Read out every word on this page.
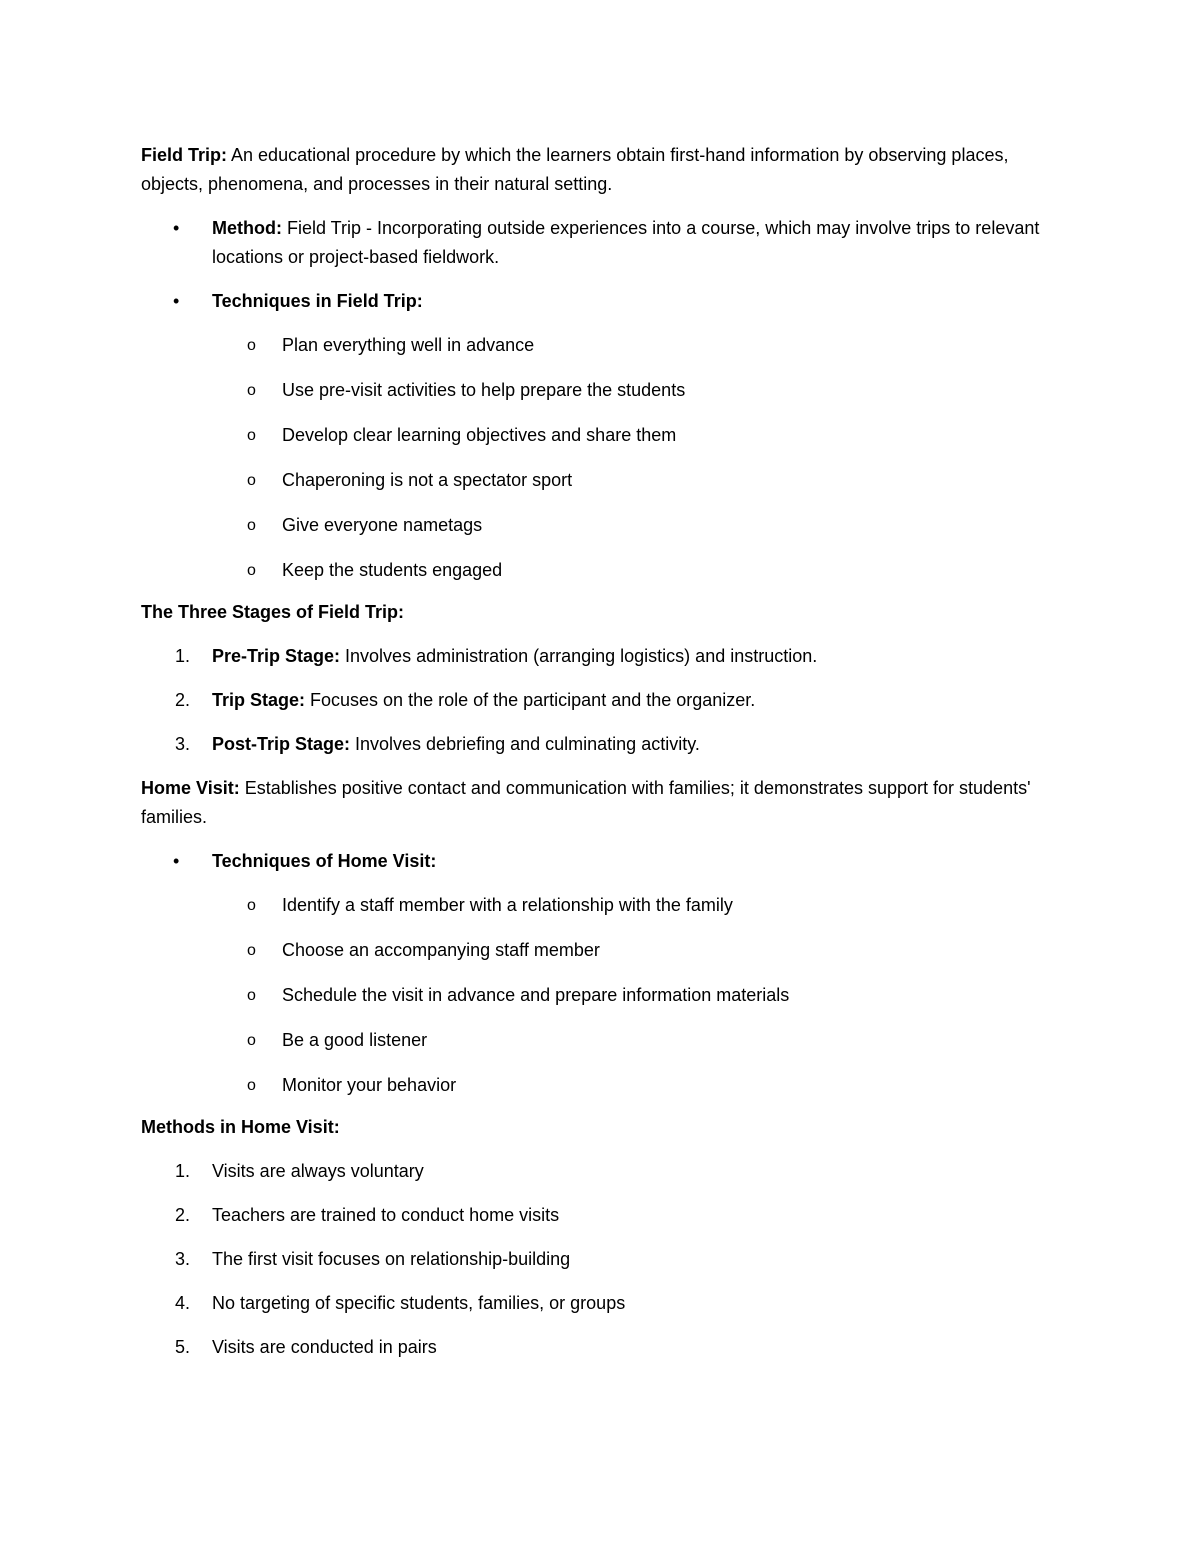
Field Trip: An educational procedure by which the learners obtain first-hand information by observing places, objects, phenomena, and processes in their natural setting.

• Method: Field Trip - Incorporating outside experiences into a course, which may involve trips to relevant locations or project-based fieldwork.
• Techniques in Field Trip:
o Plan everything well in advance
o Use pre-visit activities to help prepare the students
o Develop clear learning objectives and share them
o Chaperoning is not a spectator sport
o Give everyone nametags
o Keep the students engaged

The Three Stages of Field Trip:

1. Pre-Trip Stage: Involves administration (arranging logistics) and instruction.
2. Trip Stage: Focuses on the role of the participant and the organizer.
3. Post-Trip Stage: Involves debriefing and culminating activity.

Home Visit: Establishes positive contact and communication with families; it demonstrates support for students' families.

• Techniques of Home Visit:
o Identify a staff member with a relationship with the family
o Choose an accompanying staff member
o Schedule the visit in advance and prepare information materials
o Be a good listener
o Monitor your behavior

Methods in Home Visit:

1. Visits are always voluntary
2. Teachers are trained to conduct home visits
3. The first visit focuses on relationship-building
4. No targeting of specific students, families, or groups
5. Visits are conducted in pairs
